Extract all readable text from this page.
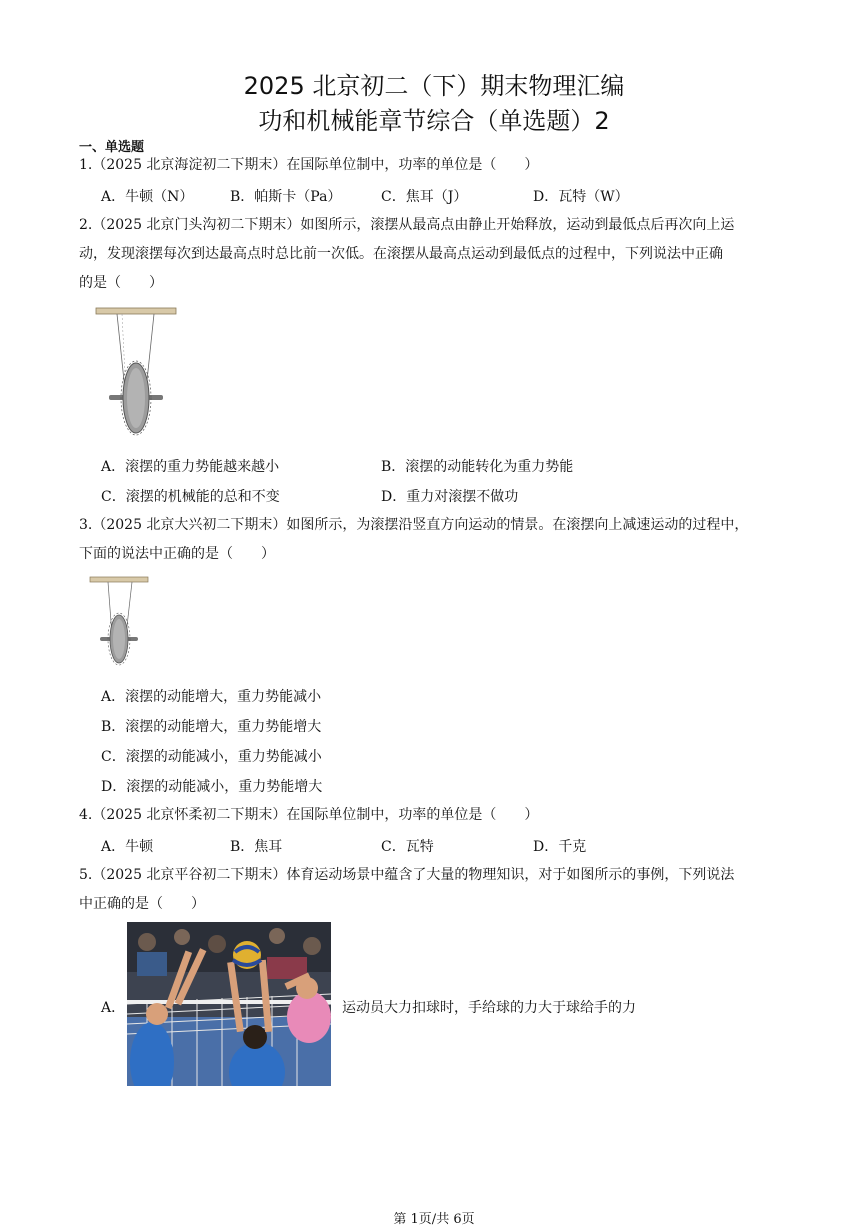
2025 北京初二（下）期末物理汇编
功和机械能章节综合（单选题）2
一、单选题
1.（2025 北京海淀初二下期末）在国际单位制中，功率的单位是（　　）
A．牛顿（N）	B．帕斯卡（Pa）	C．焦耳（J）	D．瓦特（W）
2.（2025 北京门头沟初二下期末）如图所示，滚摆从最高点由静止开始释放，运动到最低点后再次向上运
动，发现滚摆每次到达最高点时总比前一次低。在滚摆从最高点运动到最低点的过程中，下列说法中正确
的是（　　）
A．滚摆的重力势能越来越小	B．滚摆的动能转化为重力势能
C．滚摆的机械能的总和不变	D．重力对滚摆不做功
3.（2025 北京大兴初二下期末）如图所示，为滚摆沿竖直方向运动的情景。在滚摆向上减速运动的过程中，
下面的说法中正确的是（　　）
A．滚摆的动能增大，重力势能减小
B．滚摆的动能增大，重力势能增大
C．滚摆的动能减小，重力势能减小
D．滚摆的动能减小，重力势能增大
4.（2025 北京怀柔初二下期末）在国际单位制中，功率的单位是（　　）
A．牛顿	B．焦耳	C．瓦特	D．千克
5.（2025 北京平谷初二下期末）体育运动场景中蕴含了大量的物理知识，对于如图所示的事例，下列说法
中正确的是（　　）
A．	运动员大力扣球时，手给球的力大于球给手的力
第 1页/共 6页
